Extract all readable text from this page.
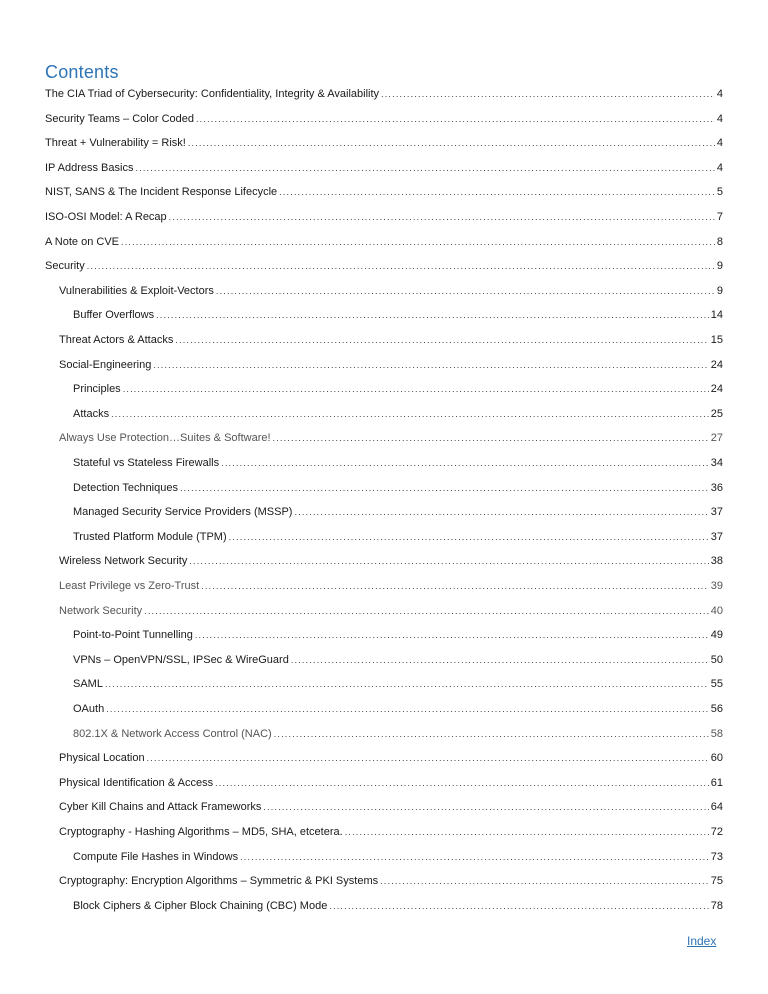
Contents
The CIA Triad of Cybersecurity: Confidentiality, Integrity & Availability .....	4
Security Teams – Color Coded .....	4
Threat + Vulnerability = Risk! .....	4
IP Address Basics .....	4
NIST, SANS & The Incident Response Lifecycle .....	5
ISO-OSI Model: A Recap .....	7
A Note on CVE .....	8
Security .....	9
Vulnerabilities & Exploit-Vectors .....	9
Buffer Overflows .....	14
Threat Actors & Attacks .....	15
Social-Engineering .....	24
Principles .....	24
Attacks .....	25
Always Use Protection…Suites & Software! .....	27
Stateful vs Stateless Firewalls .....	34
Detection Techniques .....	36
Managed Security Service Providers (MSSP) .....	37
Trusted Platform Module (TPM) .....	37
Wireless Network Security .....	38
Least Privilege vs Zero-Trust .....	39
Network Security .....	40
Point-to-Point Tunnelling .....	49
VPNs – OpenVPN/SSL, IPSec & WireGuard .....	50
SAML .....	55
OAuth .....	56
802.1X & Network Access Control (NAC) .....	58
Physical Location .....	60
Physical Identification & Access .....	61
Cyber Kill Chains and Attack Frameworks .....	64
Cryptography - Hashing Algorithms – MD5, SHA, etcetera. .....	72
Compute File Hashes in Windows .....	73
Cryptography: Encryption Algorithms – Symmetric & PKI Systems .....	75
Block Ciphers & Cipher Block Chaining (CBC) Mode .....	78
Index
